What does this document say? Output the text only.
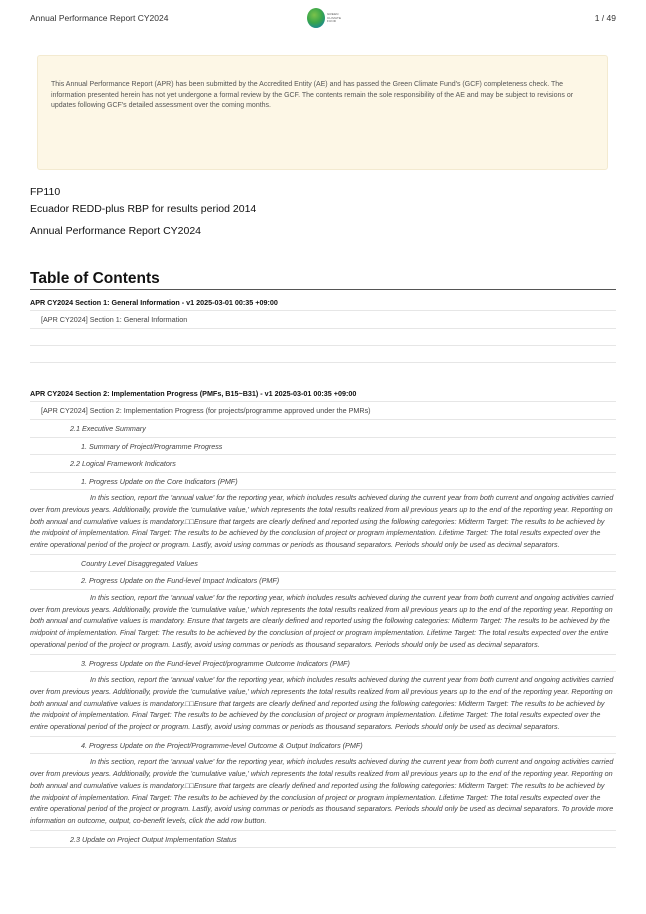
Annual Performance Report CY2024	GREEN
CLIMATE
FUND	1 / 49
This Annual Performance Report (APR) has been submitted by the Accredited Entity (AE) and has passed the Green Climate Fund's (GCF) completeness check. The information presented herein has not yet undergone a formal review by the GCF. The contents remain the sole responsibility of the AE and may be subject to revisions or updates following GCF's detailed assessment over the coming months.
FP110
Ecuador REDD-plus RBP for results period 2014
Annual Performance Report CY2024
Table of Contents
APR CY2024 Section 1: General Information - v1 2025-03-01 00:35 +09:00
[APR CY2024] Section 1: General Information
APR CY2024 Section 2: Implementation Progress (PMFs, B15~B31) - v1 2025-03-01 00:35 +09:00
[APR CY2024] Section 2: Implementation Progress (for projects/programme approved under the PMRs)
2.1 Executive Summary
1. Summary of Project/Programme Progress
2.2 Logical Framework Indicators
1. Progress Update on the Core Indicators (PMF)
In this section, report the 'annual value' for the reporting year, which includes results achieved during the current year from both current and ongoing activities carried over from previous years. Additionally, provide the 'cumulative value,' which represents the total results realized from all previous years up to the end of the reporting year. Reporting on both annual and cumulative values is mandatory.□□Ensure that targets are clearly defined and reported using the following categories: Midterm Target: The results to be achieved by the midpoint of implementation. Final Target: The results to be achieved by the conclusion of project or program implementation. Lifetime Target: The total results expected over the entire operational period of the project or program. Lastly, avoid using commas or periods as thousand separators. Periods should only be used as decimal separators.
Country Level Disaggregated Values
2. Progress Update on the Fund-level Impact Indicators (PMF)
In this section, report the 'annual value' for the reporting year, which includes results achieved during the current year from both current and ongoing activities carried over from previous years. Additionally, provide the 'cumulative value,' which represents the total results realized from all previous years up to the end of the reporting year. Reporting on both annual and cumulative values is mandatory. Ensure that targets are clearly defined and reported using the following categories: Midterm Target: The results to be achieved by the midpoint of implementation. Final Target: The results to be achieved by the conclusion of project or program implementation. Lifetime Target: The total results expected over the entire operational period of the project or program. Lastly, avoid using commas or periods as thousand separators. Periods should only be used as decimal separators.
3. Progress Update on the Fund-level Project/programme Outcome Indicators (PMF)
In this section, report the 'annual value' for the reporting year, which includes results achieved during the current year from both current and ongoing activities carried over from previous years. Additionally, provide the 'cumulative value,' which represents the total results realized from all previous years up to the end of the reporting year. Reporting on both annual and cumulative values is mandatory.□□Ensure that targets are clearly defined and reported using the following categories: Midterm Target: The results to be achieved by the midpoint of implementation. Final Target: The results to be achieved by the conclusion of project or program implementation. Lifetime Target: The total results expected over the entire operational period of the project or program. Lastly, avoid using commas or periods as thousand separators. Periods should only be used as decimal separators.
4. Progress Update on the Project/Programme-level Outcome & Output Indicators (PMF)
In this section, report the 'annual value' for the reporting year, which includes results achieved during the current year from both current and ongoing activities carried over from previous years. Additionally, provide the 'cumulative value,' which represents the total results realized from all previous years up to the end of the reporting year. Reporting on both annual and cumulative values is mandatory.□□Ensure that targets are clearly defined and reported using the following categories: Midterm Target: The results to be achieved by the midpoint of implementation. Final Target: The results to be achieved by the conclusion of project or program implementation. Lifetime Target: The total results expected over the entire operational period of the project or program. Lastly, avoid using commas or periods as thousand separators. Periods should only be used as decimal separators. To provide more information on outcome, output, co-benefit levels, click the add row button.
2.3 Update on Project Output Implementation Status
